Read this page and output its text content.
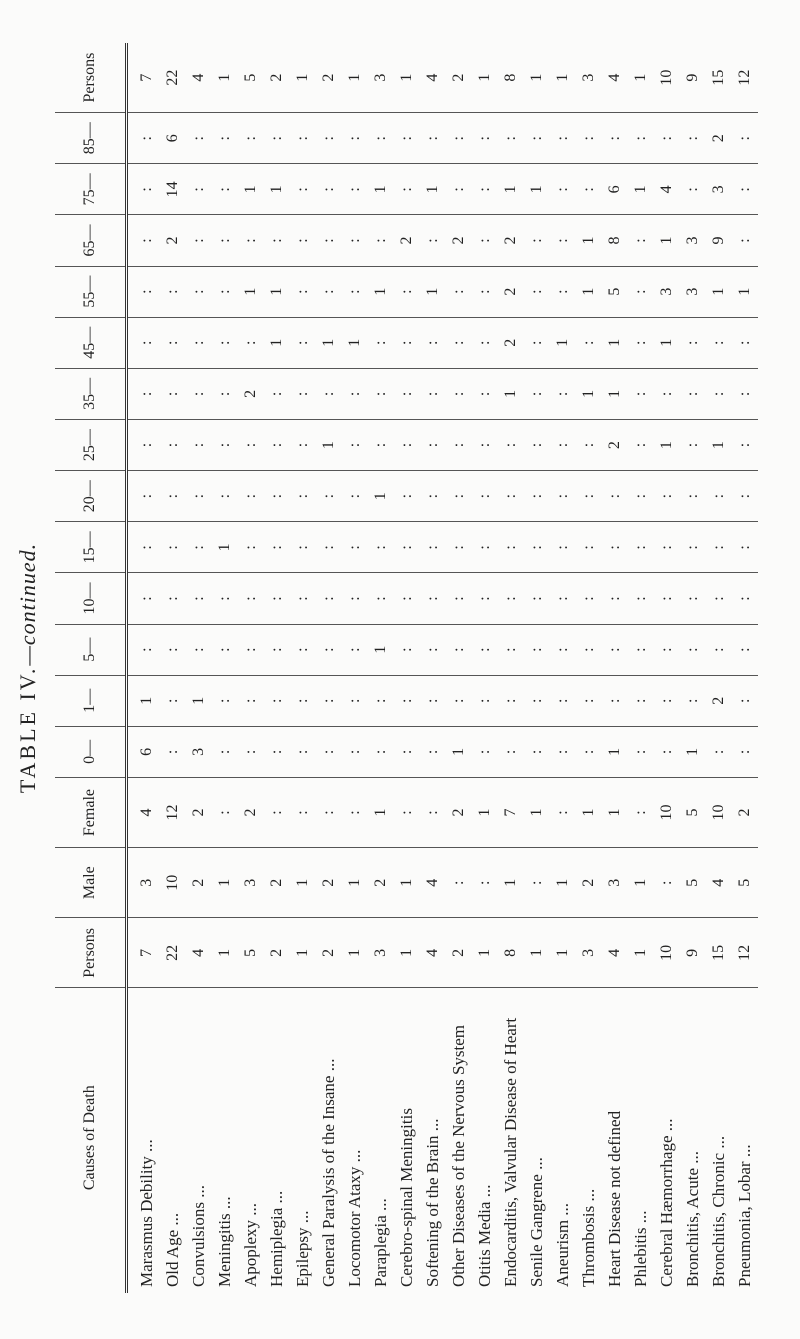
TABLE IV.—continued.
Causes of Death	Persons	Male	Female	0—	1—	5—	10—	15—	20—	25—	35—	45—	55—	65—	75—	85—	Persons
Marasmus Debility ...	7	3	4	6	1	:	:	:	:	:	:	:	:	:	:	:	7
Old Age ...	22	10	12	:	:	:	:	:	:	:	:	:	:	2	14	6	22
Convulsions ...	4	2	2	3	1	:	:	:	:	:	:	:	:	:	:	:	4
Meningitis ...	1	1	:	:	:	:	:	1	:	:	:	:	:	:	:	:	1
Apoplexy ...	5	3	2	:	:	:	:	:	:	:	2	:	1	:	1	:	5
Hemiplegia ...	2	2	:	:	:	:	:	:	:	:	:	1	1	:	1	:	2
Epilepsy ...	1	1	:	:	:	:	:	:	:	:	:	:	:	:	:	:	1
General Paralysis of the Insane ...	2	2	:	:	:	:	:	:	:	1	:	1	:	:	:	:	2
Locomotor Ataxy ...	1	1	:	:	:	:	:	:	:	:	:	1	:	:	:	:	1
Paraplegia ...	3	2	1	:	:	1	:	:	1	:	:	:	1	:	1	:	3
Cerebro-spinal Meningitis	1	1	:	:	:	:	:	:	:	:	:	:	:	2	:	:	1
Softening of the Brain ...	4	4	:	:	:	:	:	:	:	:	:	:	1	:	1	:	4
Other Diseases of the Nervous System	2	:	2	1	:	:	:	:	:	:	:	:	:	2	:	:	2
Otitis Media ...	1	:	1	:	:	:	:	:	:	:	:	:	:	:	:	:	1
Endocarditis, Valvular Disease of Heart	8	1	7	:	:	:	:	:	:	:	1	2	2	2	1	:	8
Senile Gangrene ...	1	:	1	:	:	:	:	:	:	:	:	:	:	:	1	:	1
Aneurism ...	1	1	:	:	:	:	:	:	:	:	:	1	:	:	:	:	1
Thrombosis ...	3	2	1	:	:	:	:	:	:	:	1	:	1	1	:	:	3
Heart Disease not defined	4	3	1	1	:	:	:	:	:	2	1	1	5	8	6	:	4
Phlebitis ...	1	1	:	:	:	:	:	:	:	:	:	:	:	:	1	:	1
Cerebral Hæmorrhage ...	10	:	10	:	:	:	:	:	:	1	:	1	3	1	4	:	10
Bronchitis, Acute ...	9	5	5	1	:	:	:	:	:	:	:	:	3	3	:	:	9
Bronchitis, Chronic ...	15	4	10	:	2	:	:	:	:	1	:	:	1	9	3	2	15
Pneumonia, Lobar ...	12	5	2	:	:	:	:	:	:	:	:	:	1	:	:	:	12
